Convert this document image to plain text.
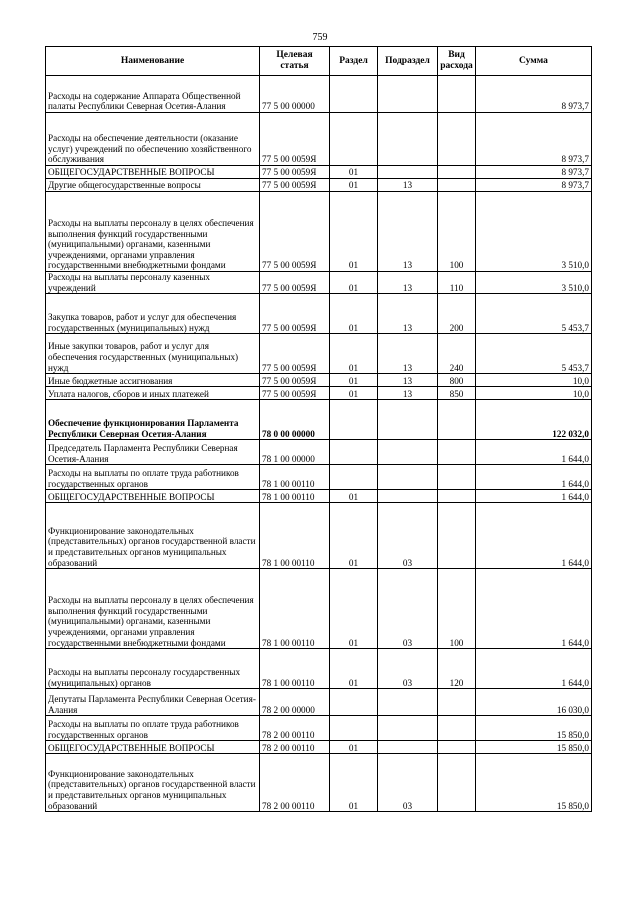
759
Наименование	Целевая статья	Раздел	Подраздел	Вид расхода	Сумма
Расходы на содержание Аппарата Общественной палаты Республики Северная Осетия-Алания	77 5 00 00000				8 973,7
Расходы на обеспечение деятельности (оказание услуг) учреждений по обеспечению хозяйственного обслуживания	77 5 00 0059Я				8 973,7
ОБЩЕГОСУДАРСТВЕННЫЕ ВОПРОСЫ	77 5 00 0059Я	01			8 973,7
Другие общегосударственные вопросы	77 5 00 0059Я	01	13		8 973,7
Расходы на выплаты персоналу в целях обеспечения выполнения функций государственными (муниципальными) органами, казенными учреждениями, органами управления государственными внебюджетными фондами	77 5 00 0059Я	01	13	100	3 510,0
Расходы на выплаты персоналу казенных учреждений	77 5 00 0059Я	01	13	110	3 510,0
Закупка товаров, работ и услуг для обеспечения государственных (муниципальных) нужд	77 5 00 0059Я	01	13	200	5 453,7
Иные закупки товаров, работ и услуг для обеспечения государственных (муниципальных) нужд	77 5 00 0059Я	01	13	240	5 453,7
Иные бюджетные ассигнования	77 5 00 0059Я	01	13	800	10,0
Уплата налогов, сборов и иных платежей	77 5 00 0059Я	01	13	850	10,0
Обеспечение функционирования Парламента Республики Северная Осетия-Алания	78 0 00 00000				122 032,0
Председатель Парламента Республики Северная Осетия-Алания	78 1 00 00000				1 644,0
Расходы на выплаты по оплате труда работников государственных органов	78 1 00 00110				1 644,0
ОБЩЕГОСУДАРСТВЕННЫЕ ВОПРОСЫ	78 1 00 00110	01			1 644,0
Функционирование законодательных (представительных) органов государственной власти и представительных органов муниципальных образований	78 1 00 00110	01	03		1 644,0
Расходы на выплаты персоналу в целях обеспечения выполнения функций государственными (муниципальными) органами, казенными учреждениями, органами управления государственными внебюджетными фондами	78 1 00 00110	01	03	100	1 644,0
Расходы на выплаты персоналу государственных (муниципальных) органов	78 1 00 00110	01	03	120	1 644,0
Депутаты Парламента Республики Северная Осетия-Алания	78 2 00 00000				16 030,0
Расходы на выплаты по оплате труда работников государственных органов	78 2 00 00110				15 850,0
ОБЩЕГОСУДАРСТВЕННЫЕ ВОПРОСЫ	78 2 00 00110	01			15 850,0
Функционирование законодательных (представительных) органов государственной власти и представительных органов муниципальных образований	78 2 00 00110	01	03		15 850,0
